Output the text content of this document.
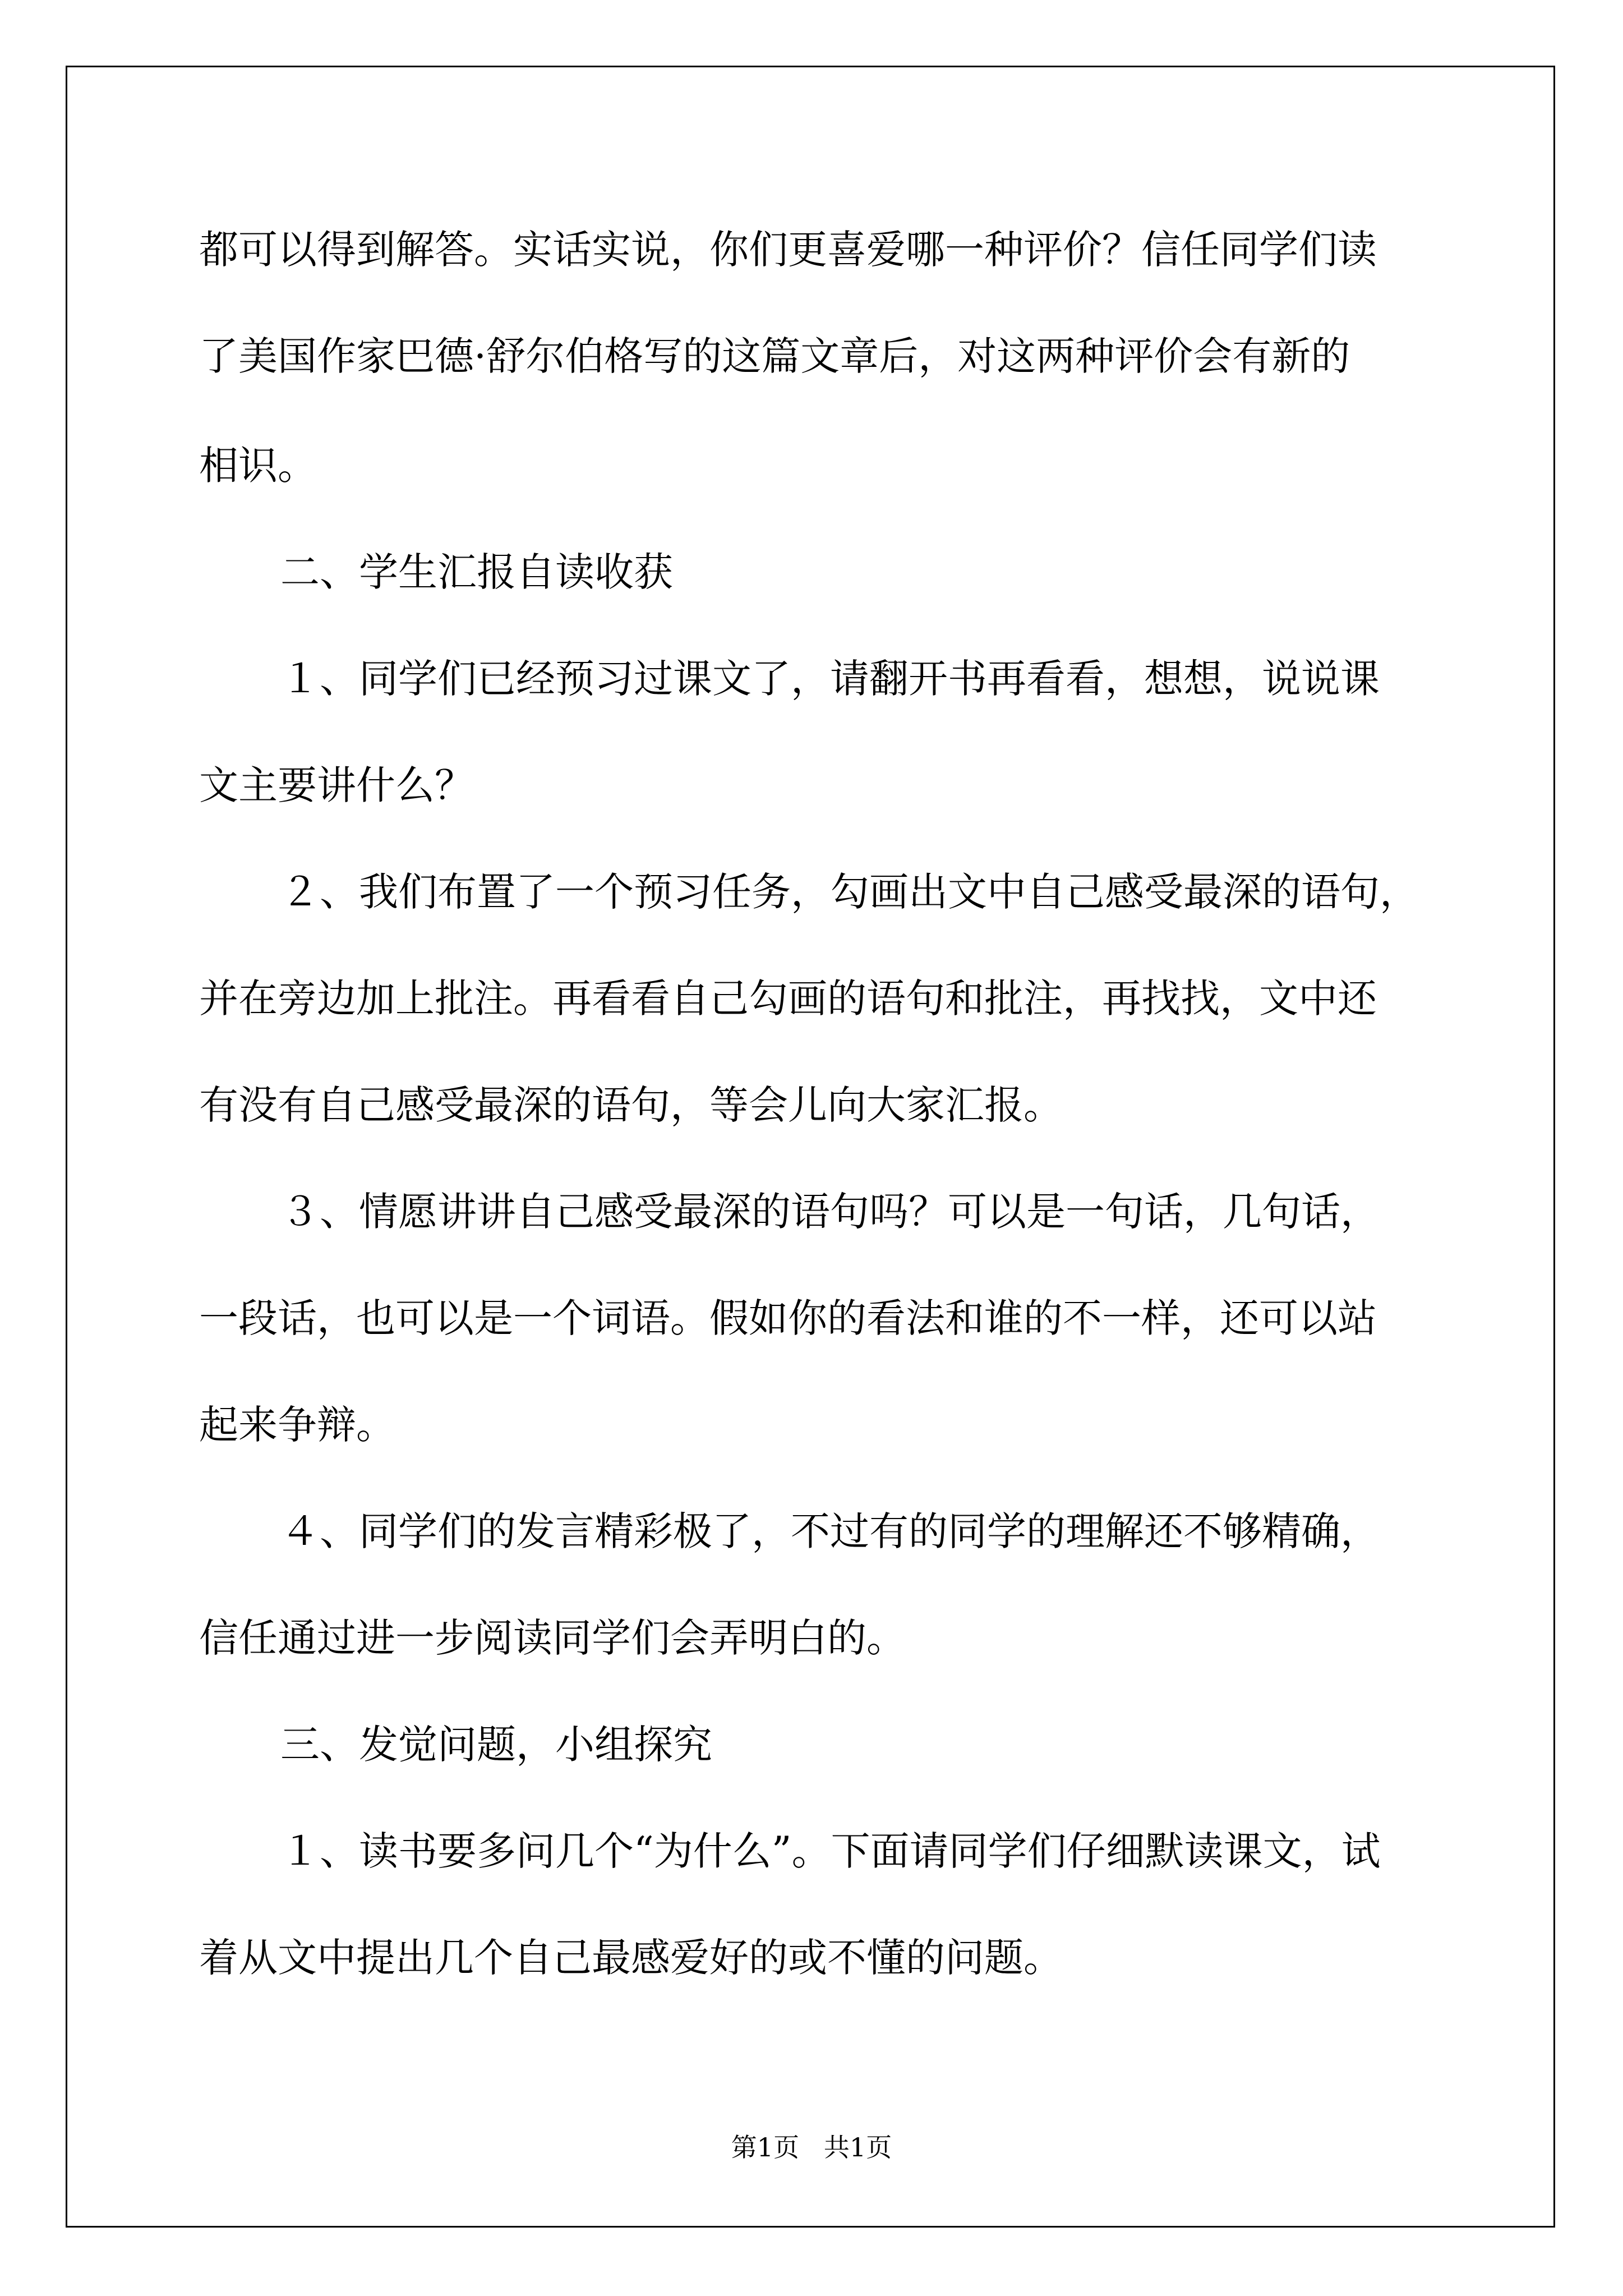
都可以得到解答。实话实说，你们更喜爱哪一种评价？信任同学们读
了美国作家巴德·舒尔伯格写的这篇文章后，对这两种评价会有新的
相识。
二、学生汇报自读收获
１、同学们已经预习过课文了，请翻开书再看看，想想，说说课
文主要讲什么？
２、我们布置了一个预习任务，勾画出文中自己感受最深的语句，
并在旁边加上批注。再看看自己勾画的语句和批注，再找找，文中还
有没有自己感受最深的语句，等会儿向大家汇报。
３、情愿讲讲自己感受最深的语句吗？可以是一句话，几句话，
一段话，也可以是一个词语。假如你的看法和谁的不一样，还可以站
起来争辩。
４、同学们的发言精彩极了，不过有的同学的理解还不够精确，
信任通过进一步阅读同学们会弄明白的。
三、发觉问题，小组探究
１、读书要多问几个“为什么”。下面请同学们仔细默读课文，试
着从文中提出几个自己最感爱好的或不懂的问题。
第1页   共1页
